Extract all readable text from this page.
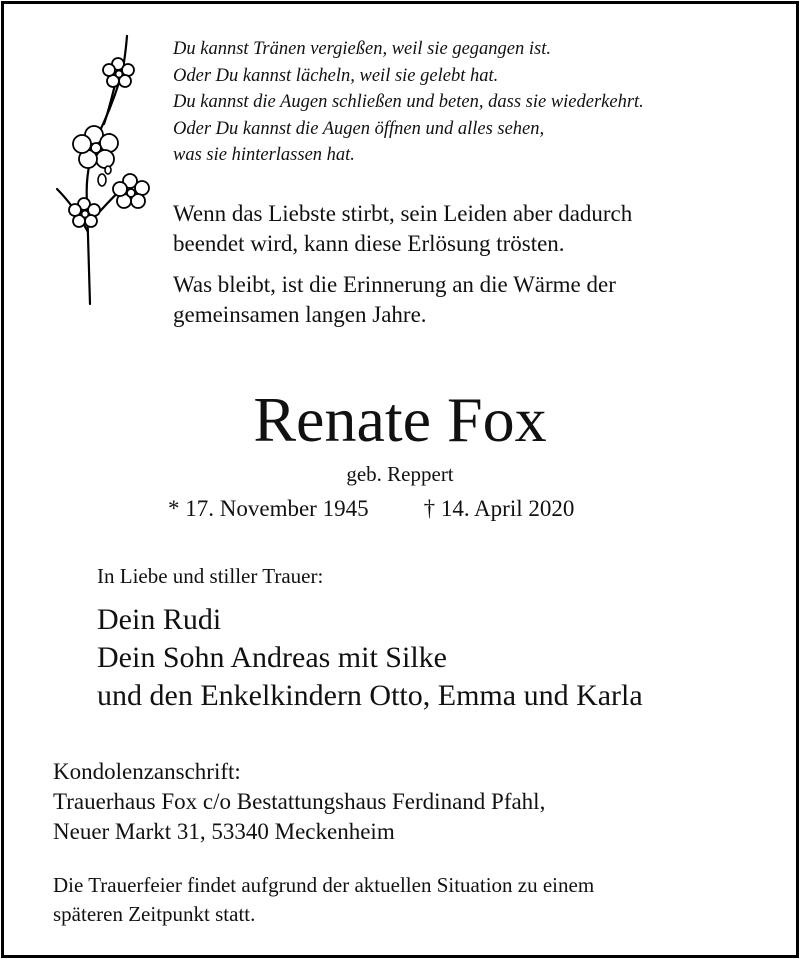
Du kannst Tränen vergießen, weil sie gegangen ist.
Oder Du kannst lächeln, weil sie gelebt hat.
Du kannst die Augen schließen und beten, dass sie wiederkehrt.
Oder Du kannst die Augen öffnen und alles sehen,
was sie hinterlassen hat.
Wenn das Liebste stirbt, sein Leiden aber dadurch
beendet wird, kann diese Erlösung trösten.
Was bleibt, ist die Erinnerung an die Wärme der
gemeinsamen langen Jahre.
Renate Fox
geb. Reppert
* 17. November 1945 † 14. April 2020
In Liebe und stiller Trauer:
Dein Rudi
Dein Sohn Andreas mit Silke
und den Enkelkindern Otto, Emma und Karla
Kondolenzanschrift:
Trauerhaus Fox c/o Bestattungshaus Ferdinand Pfahl,
Neuer Markt 31, 53340 Meckenheim
Die Trauerfeier findet aufgrund der aktuellen Situation zu einem
späteren Zeitpunkt statt.
